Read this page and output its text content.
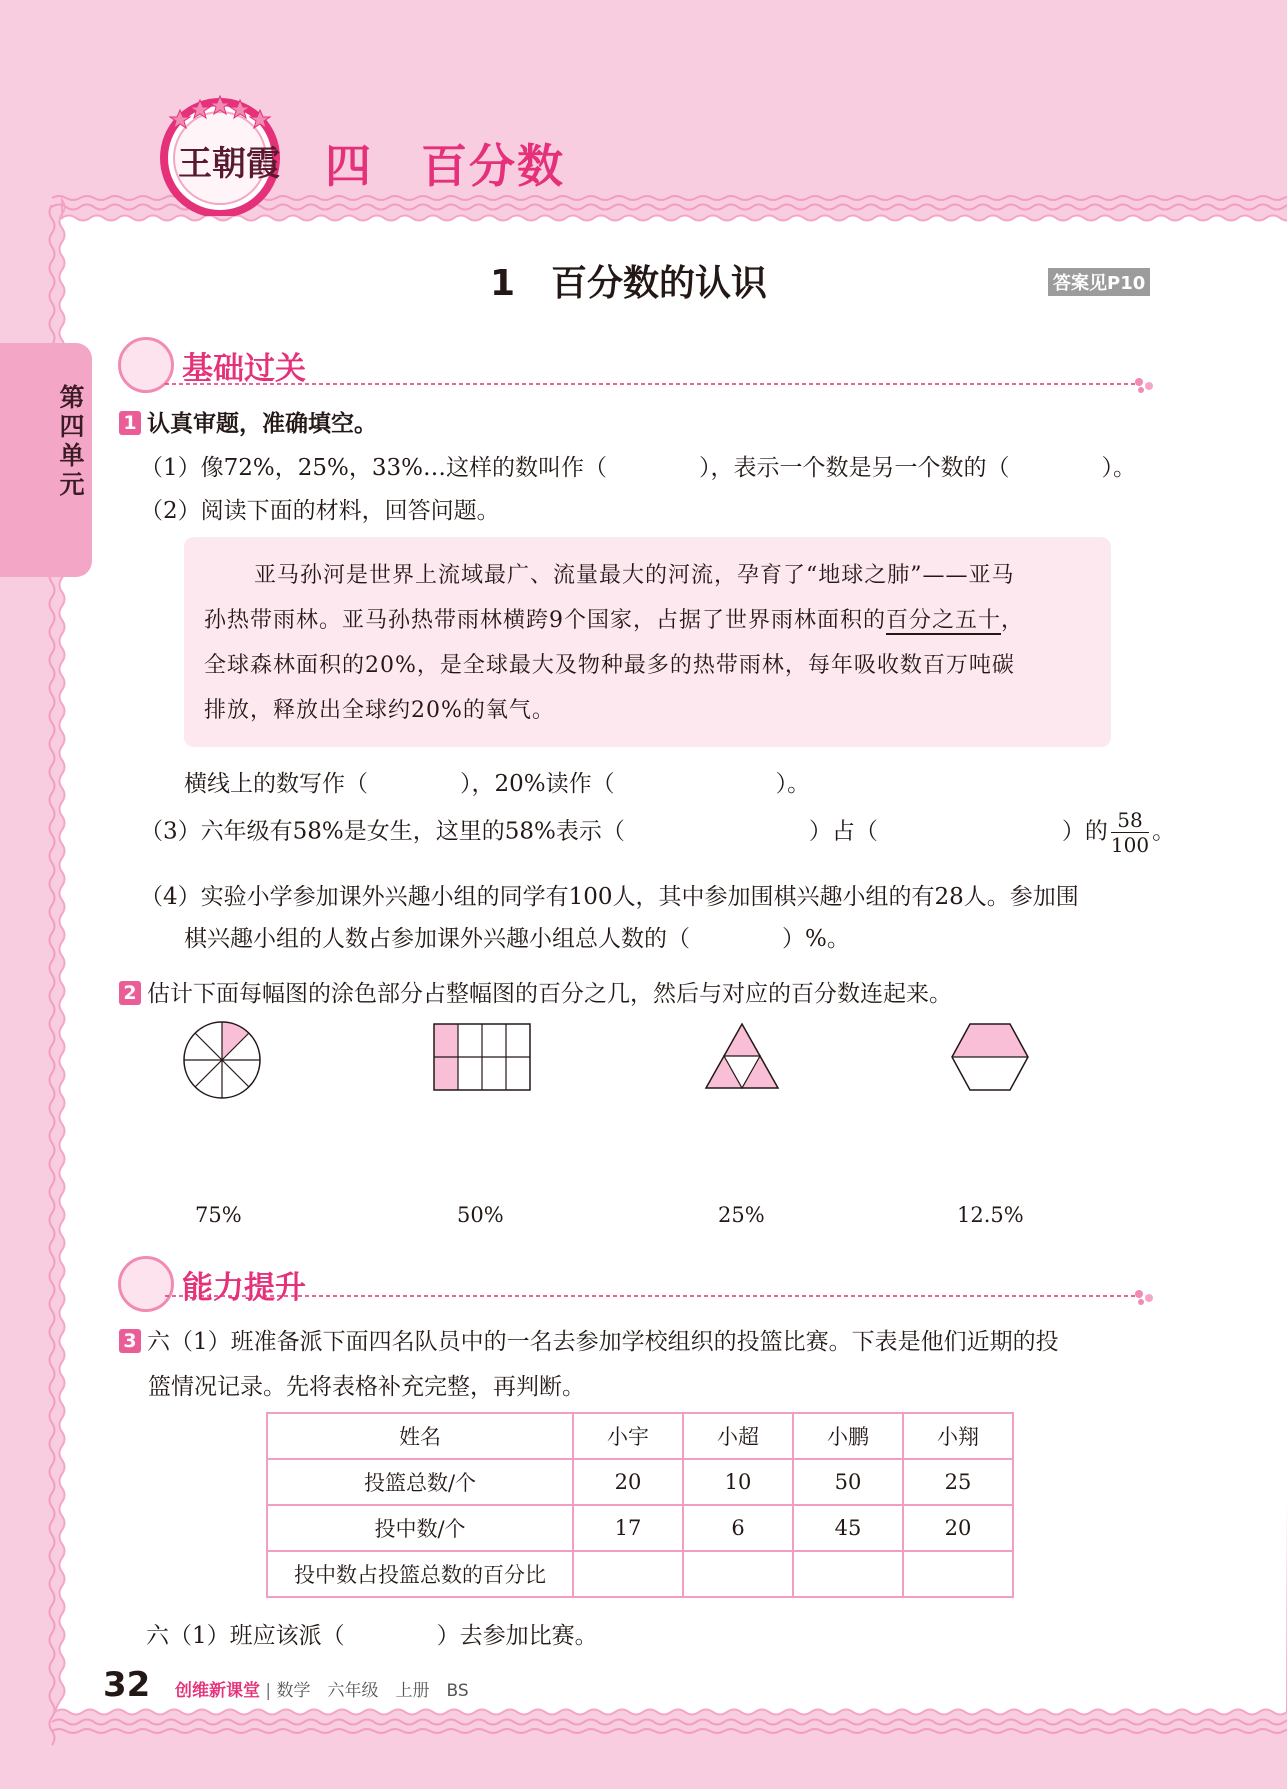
王朝霞 四　百分数
第四单元
1　百分数的认识	答案见P10
基础过关
1 认真审题，准确填空。
（1）像72%，25%，33%…这样的数叫作（　　　　），表示一个数是另一个数的（　　　　）。
（2）阅读下面的材料，回答问题。
亚马孙河是世界上流域最广、流量最大的河流，孕育了“地球之肺”——亚马
孙热带雨林。亚马孙热带雨林横跨9个国家，占据了世界雨林面积的百分之五十，
全球森林面积的20%，是全球最大及物种最多的热带雨林，每年吸收数百万吨碳
排放，释放出全球约20%的氧气。
横线上的数写作（　　　　），20%读作（　　　　　　　）。
（3）六年级有58%是女生，这里的58%表示（　　　　　　　　）占（　　　　　　　　）的 $\frac{58}{100}$ 。
（4）实验小学参加课外兴趣小组的同学有100人，其中参加围棋兴趣小组的有28人。参加围
棋兴趣小组的人数占参加课外兴趣小组总人数的（　　　　）%。
2 估计下面每幅图的涂色部分占整幅图的百分之几，然后与对应的百分数连起来。
75%	50%	25%	12.5%
能力提升
3 六（1）班准备派下面四名队员中的一名去参加学校组织的投篮比赛。下表是他们近期的投
篮情况记录。先将表格补充完整，再判断。
姓名	小宇	小超	小鹏	小翔
投篮总数/个	20	10	50	25
投中数/个	17	6	45	20
投中数占投篮总数的百分比				
六（1）班应该派（　　　　）去参加比赛。
32 创维新课堂 | 数学　六年级　上册　BS
